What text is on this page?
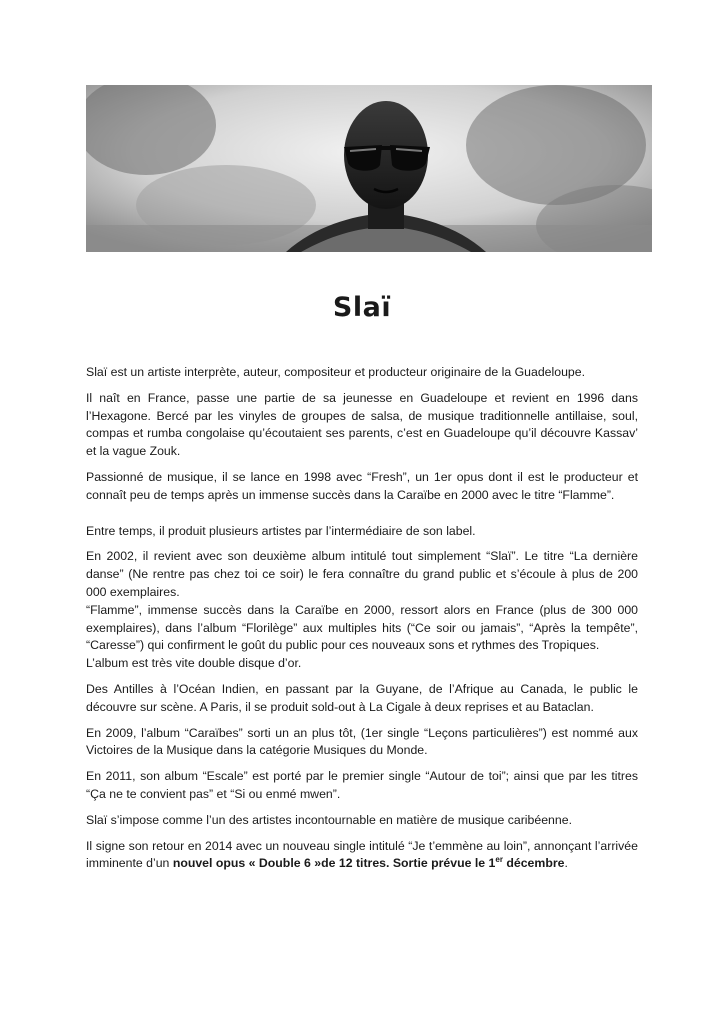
Slaï

Slaï est un artiste interprète, auteur, compositeur et producteur originaire de la Guadeloupe.

Il naît en France, passe une partie de sa jeunesse en Guadeloupe et revient en 1996 dans l’Hexagone. Bercé par les vinyles de groupes de salsa, de musique traditionnelle antillaise, soul, compas et rumba congolaise qu’écoutaient ses parents, c’est en Guadeloupe qu’il découvre Kassav’ et la vague Zouk.

Passionné de musique, il se lance en 1998 avec “Fresh”, un 1er opus dont il est le producteur et connaît peu de temps après un immense succès dans la Caraïbe en 2000 avec le titre “Flamme”.

Entre temps, il produit plusieurs artistes par l’intermédiaire de son label.

En 2002, il revient avec son deuxième album intitulé tout simplement “Slaï”. Le titre “La dernière danse” (Ne rentre pas chez toi ce soir) le fera connaître du grand public et s’écoule à plus de 200 000 exemplaires.
“Flamme”, immense succès dans la Caraïbe en 2000, ressort alors en France (plus de 300 000 exemplaires), dans l’album “Florilège” aux multiples hits (“Ce soir ou jamais”, “Après la tempête”, “Caresse”) qui confirment le goût du public pour ces nouveaux sons et rythmes des Tropiques.
L’album est très vite double disque d’or.

Des Antilles à l’Océan Indien, en passant par la Guyane, de l’Afrique au Canada, le public le découvre sur scène. A Paris, il se produit sold-out à La Cigale à deux reprises et au Bataclan.

En 2009, l’album “Caraïbes” sorti un an plus tôt, (1er single “Leçons particulières”) est nommé aux Victoires de la Musique dans la catégorie Musiques du Monde.

En 2011, son album “Escale” est porté par le premier single “Autour de toi”; ainsi que par les titres “Ça ne te convient pas” et “Si ou enmé mwen”.

Slaï s’impose comme l’un des artistes incontournable en matière de musique caribéenne.

Il signe son retour en 2014 avec un nouveau single intitulé “Je t’emmène au loin”, annonçant l’arrivée imminente d’un nouvel opus « Double 6 »de 12 titres. Sortie prévue le 1er décembre.
